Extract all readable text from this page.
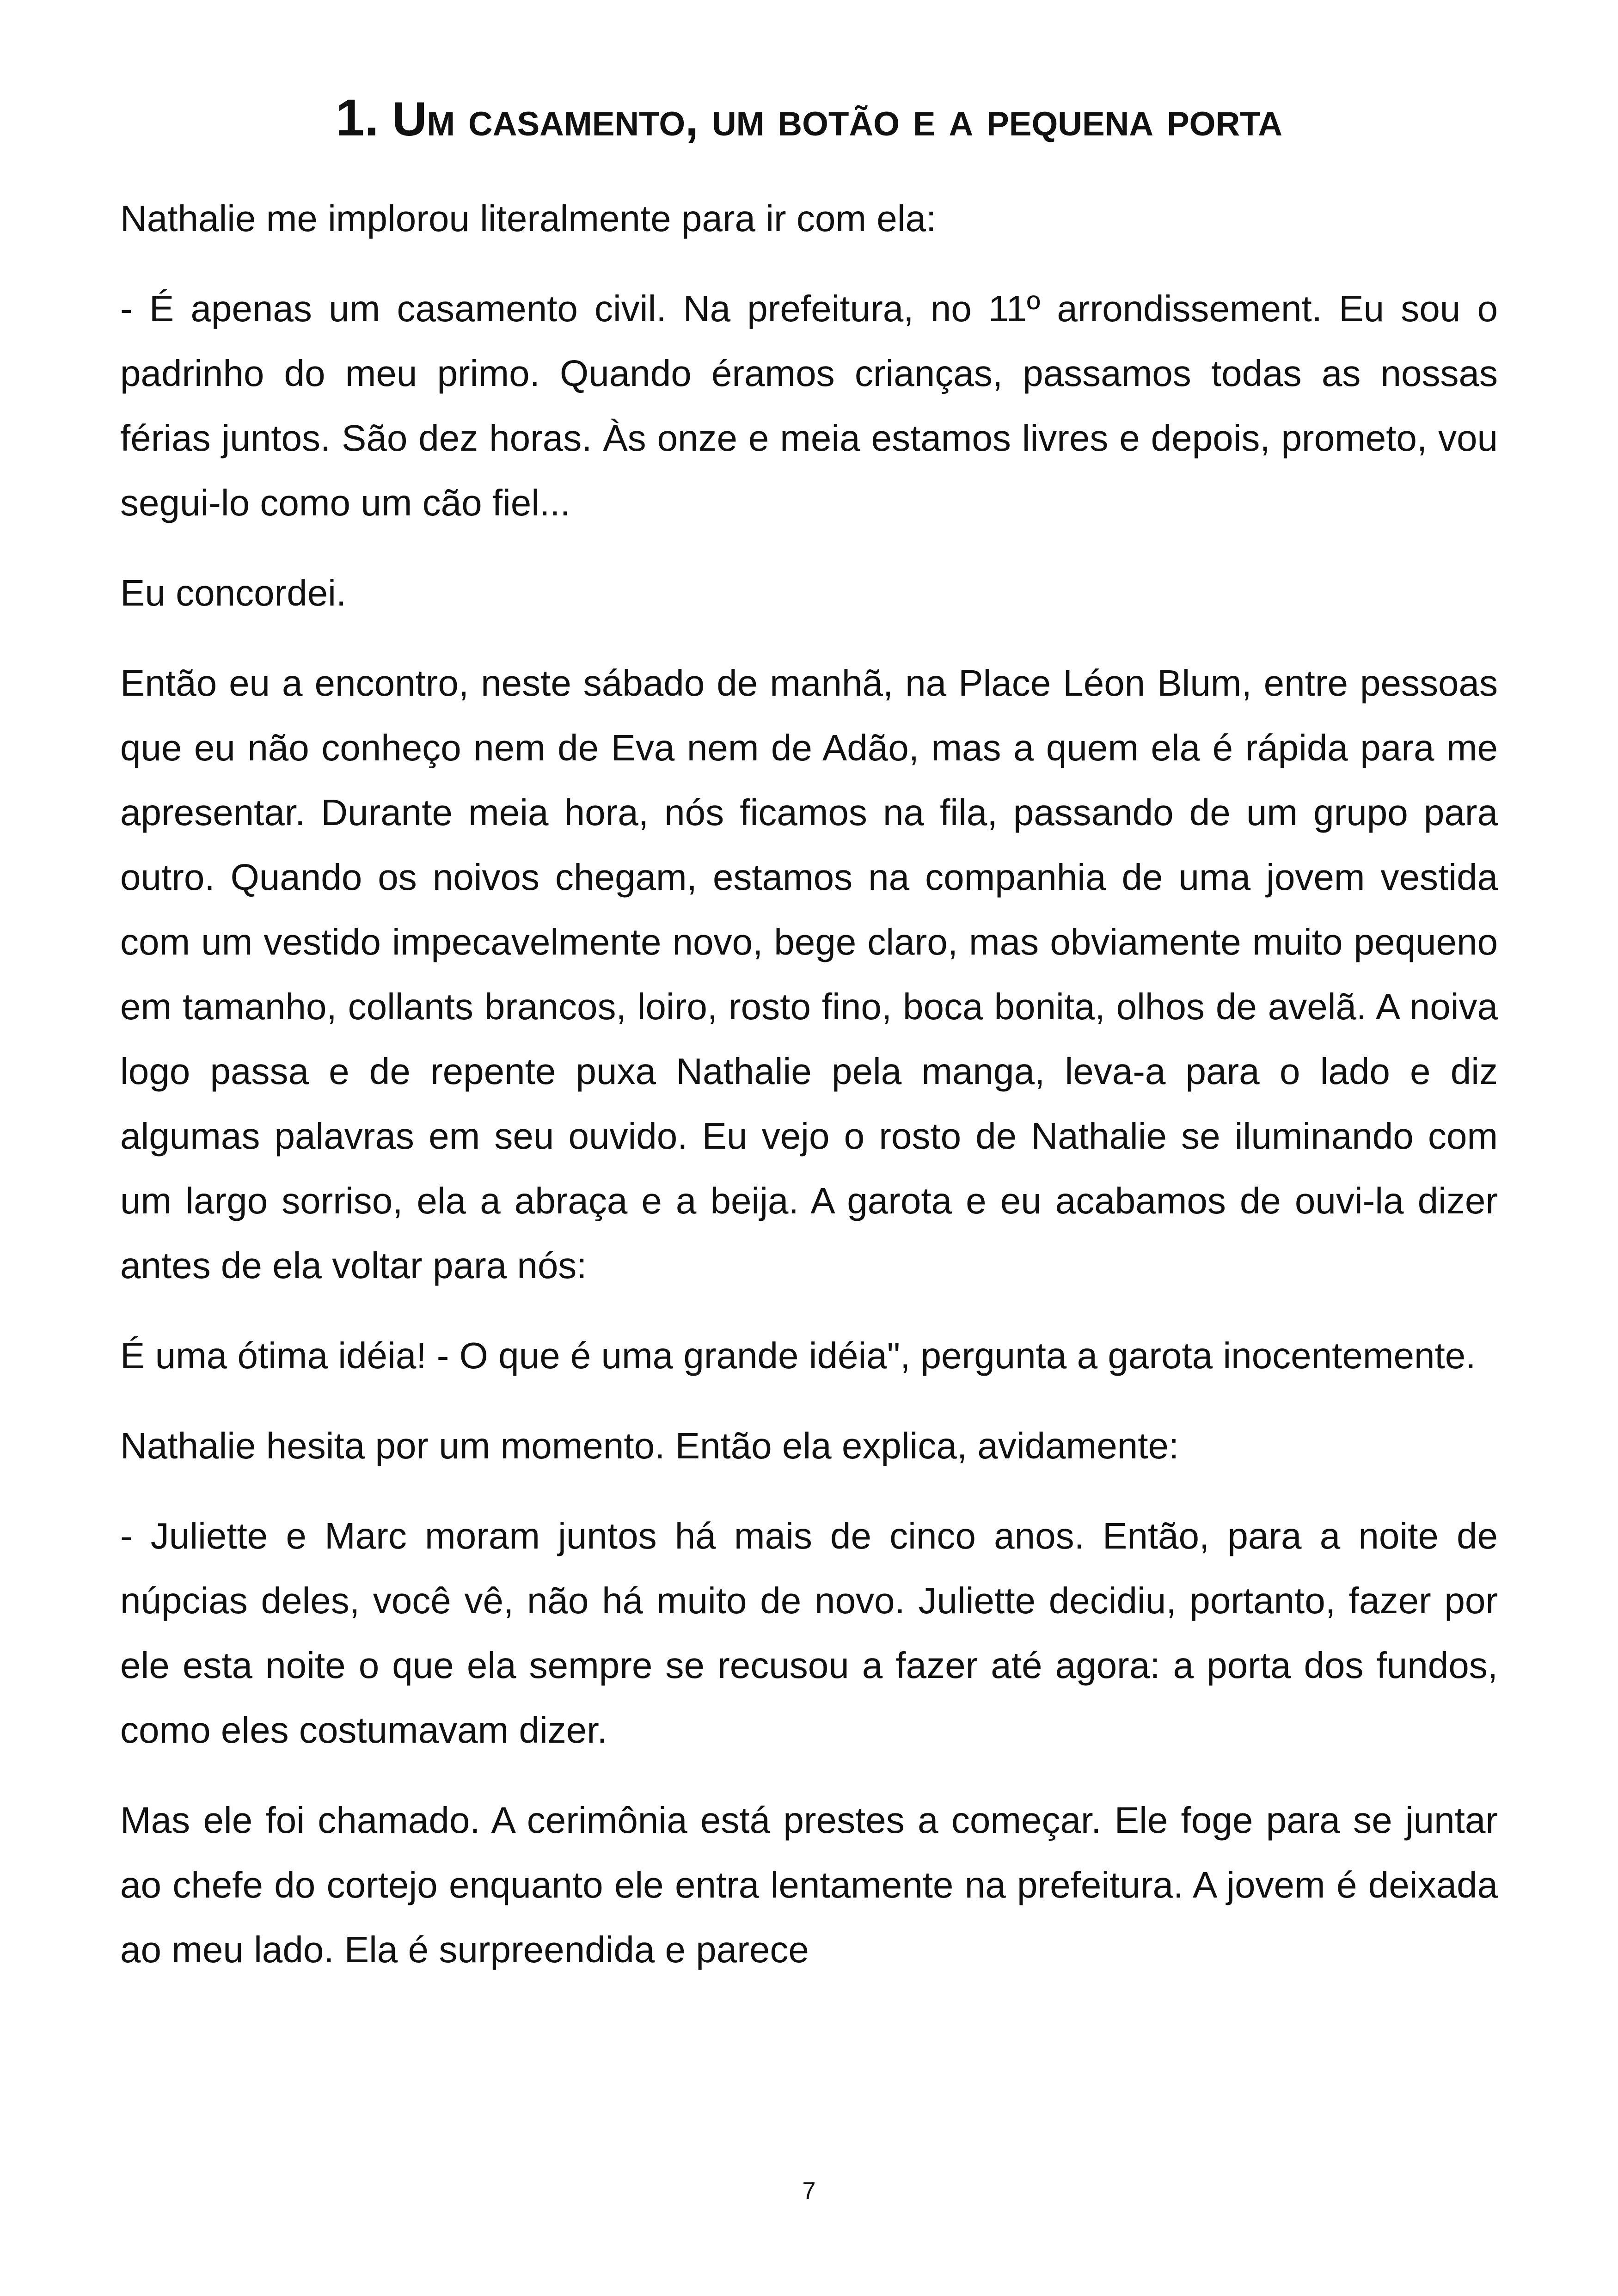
1. Um casamento, um botão e a pequena porta

Nathalie me implorou literalmente para ir com ela:

- É apenas um casamento civil. Na prefeitura, no 11º arrondissement. Eu sou o padrinho do meu primo. Quando éramos crianças, passamos todas as nossas férias juntos. São dez horas. Às onze e meia estamos livres e depois, prometo, vou segui-lo como um cão fiel...

Eu concordei.

Então eu a encontro, neste sábado de manhã, na Place Léon Blum, entre pessoas que eu não conheço nem de Eva nem de Adão, mas a quem ela é rápida para me apresentar. Durante meia hora, nós ficamos na fila, passando de um grupo para outro. Quando os noivos chegam, estamos na companhia de uma jovem vestida com um vestido impecavelmente novo, bege claro, mas obviamente muito pequeno em tamanho, collants brancos, loiro, rosto fino, boca bonita, olhos de avelã. A noiva logo passa e de repente puxa Nathalie pela manga, leva-a para o lado e diz algumas palavras em seu ouvido. Eu vejo o rosto de Nathalie se iluminando com um largo sorriso, ela a abraça e a beija. A garota e eu acabamos de ouvi-la dizer antes de ela voltar para nós:

É uma ótima idéia! - O que é uma grande idéia", pergunta a garota inocentemente.

Nathalie hesita por um momento. Então ela explica, avidamente:

- Juliette e Marc moram juntos há mais de cinco anos. Então, para a noite de núpcias deles, você vê, não há muito de novo. Juliette decidiu, portanto, fazer por ele esta noite o que ela sempre se recusou a fazer até agora: a porta dos fundos, como eles costumavam dizer.

Mas ele foi chamado. A cerimônia está prestes a começar. Ele foge para se juntar ao chefe do cortejo enquanto ele entra lentamente na prefeitura. A jovem é deixada ao meu lado. Ela é surpreendida e parece

7
